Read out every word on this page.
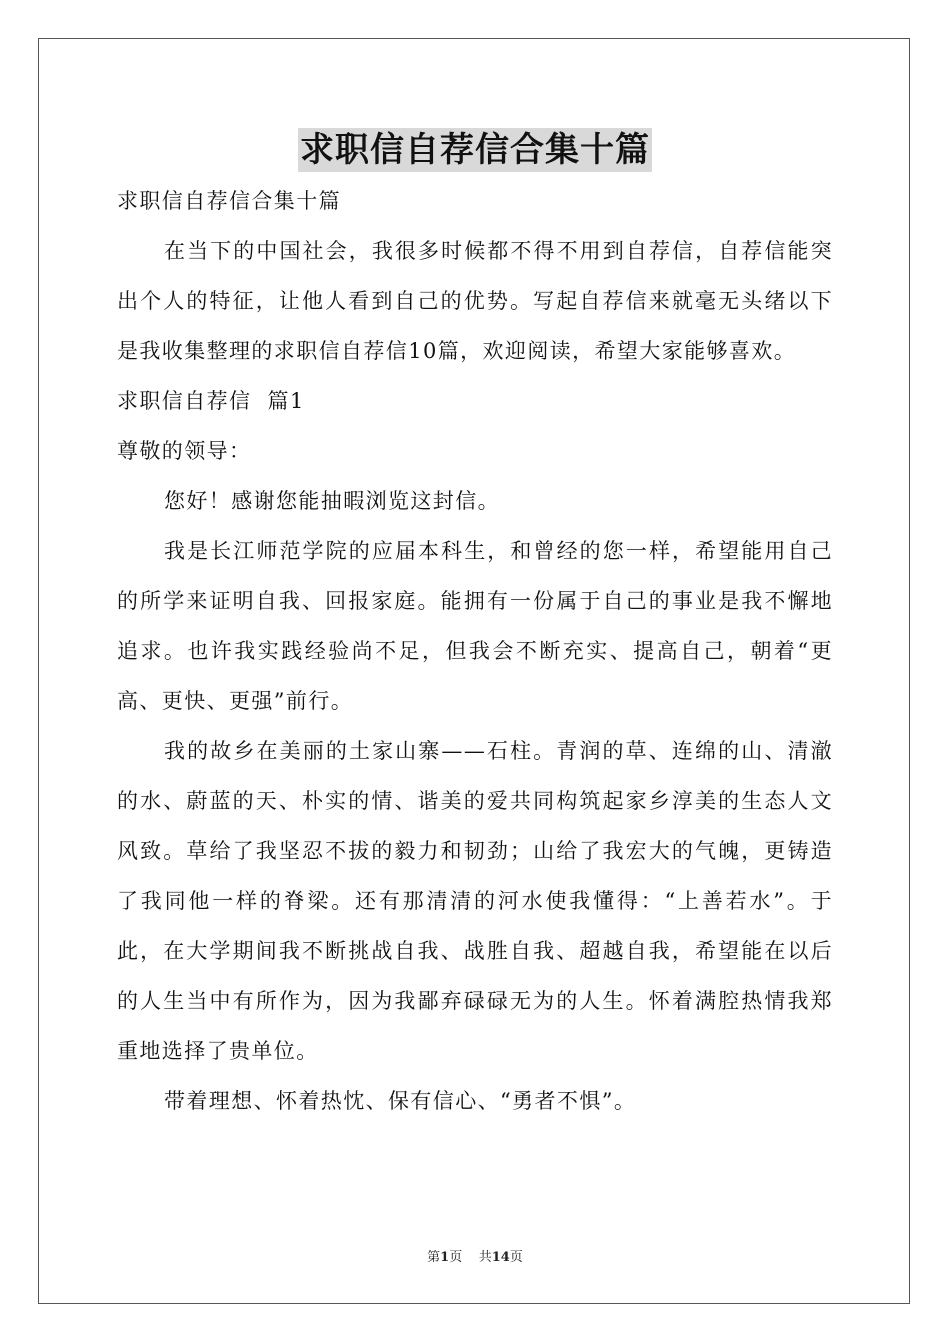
求职信自荐信合集十篇

求职信自荐信合集十篇

在当下的中国社会，我很多时候都不得不用到自荐信，自荐信能突出个人的特征，让他人看到自己的优势。写起自荐信来就毫无头绪以下是我收集整理的求职信自荐信10篇，欢迎阅读，希望大家能够喜欢。

求职信自荐信  篇1

尊敬的领导：

您好！感谢您能抽暇浏览这封信。

我是长江师范学院的应届本科生，和曾经的您一样，希望能用自己的所学来证明自我、回报家庭。能拥有一份属于自己的事业是我不懈地追求。也许我实践经验尚不足，但我会不断充实、提高自己，朝着“更高、更快、更强”前行。

我的故乡在美丽的土家山寨——石柱。青润的草、连绵的山、清澈的水、蔚蓝的天、朴实的情、谐美的爱共同构筑起家乡淳美的生态人文风致。草给了我坚忍不拔的毅力和韧劲；山给了我宏大的气魄，更铸造了我同他一样的脊梁。还有那清清的河水使我懂得：“上善若水”。于此，在大学期间我不断挑战自我、战胜自我、超越自我，希望能在以后的人生当中有所作为，因为我鄙弃碌碌无为的人生。怀着满腔热情我郑重地选择了贵单位。

带着理想、怀着热忱、保有信心、“勇者不惧”。

第1页 共14页
